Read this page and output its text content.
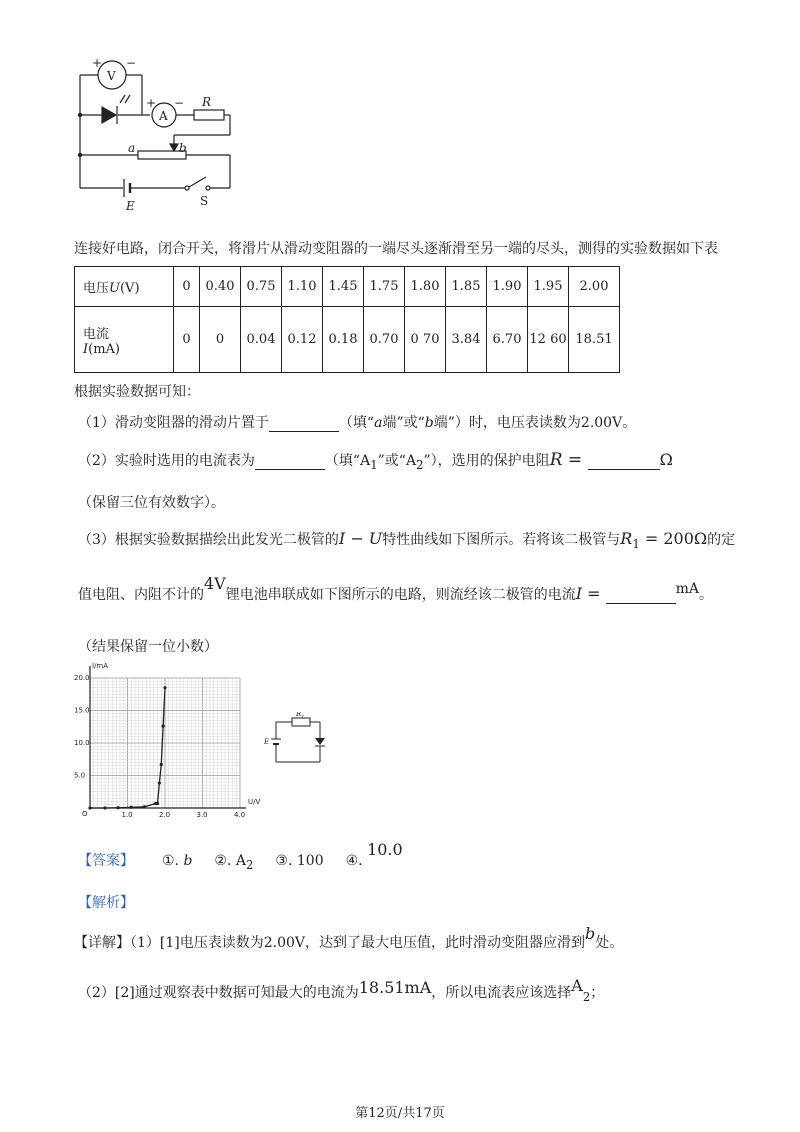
+
V
−
+
A
− R
a	b
E	S
连接好电路，闭合开关，将滑片从滑动变阻器的一端尽头逐渐滑至另一端的尽头，测得的实验数据如下表
电压U(V)	0	0.40	0.75	1.10	1.45	1.75	1.80	1.85	1.90	1.95	2.00

电流
I(mA)	0	0	0.04	0.12	0.18	0.70	0 70	3.84	6.70	12 60	18.51
根据实验数据可知：
（1）滑动变阻器的滑动片置于	（填“a端”或“b端”）时，电压表读数为2.00V。
（2）实验时选用的电流表为	（填“$A_1$”或“$A_2$”），选用的保护电阻R =	Ω
（保留三位有效数字）。
（3）根据实验数据描绘出此发光二极管的I − U特性曲线如下图所示。若将该二极管与$R_1 = 200\Omega$的定
值电阻、内阻不计的4V锂电池串联成如下图所示的电路，则流经该二极管的电流I =	mA。
（结果保留一位小数）
I/mA
U/V
O
5.0
10.0
15.0
20.0
1.0	2.0	3.0	4.0
$R_1$
E
【答案】 ①. b ②. $A_2$ ③. 100 ④. 10.0
【解析】
【详解】（1）[1]电压表读数为2.00V，达到了最大电压值，此时滑动变阻器应滑到b处。
（2）[2]通过观察表中数据可知最大的电流为18.51mA，所以电流表应该选择$A_2$；
第12页/共17页
